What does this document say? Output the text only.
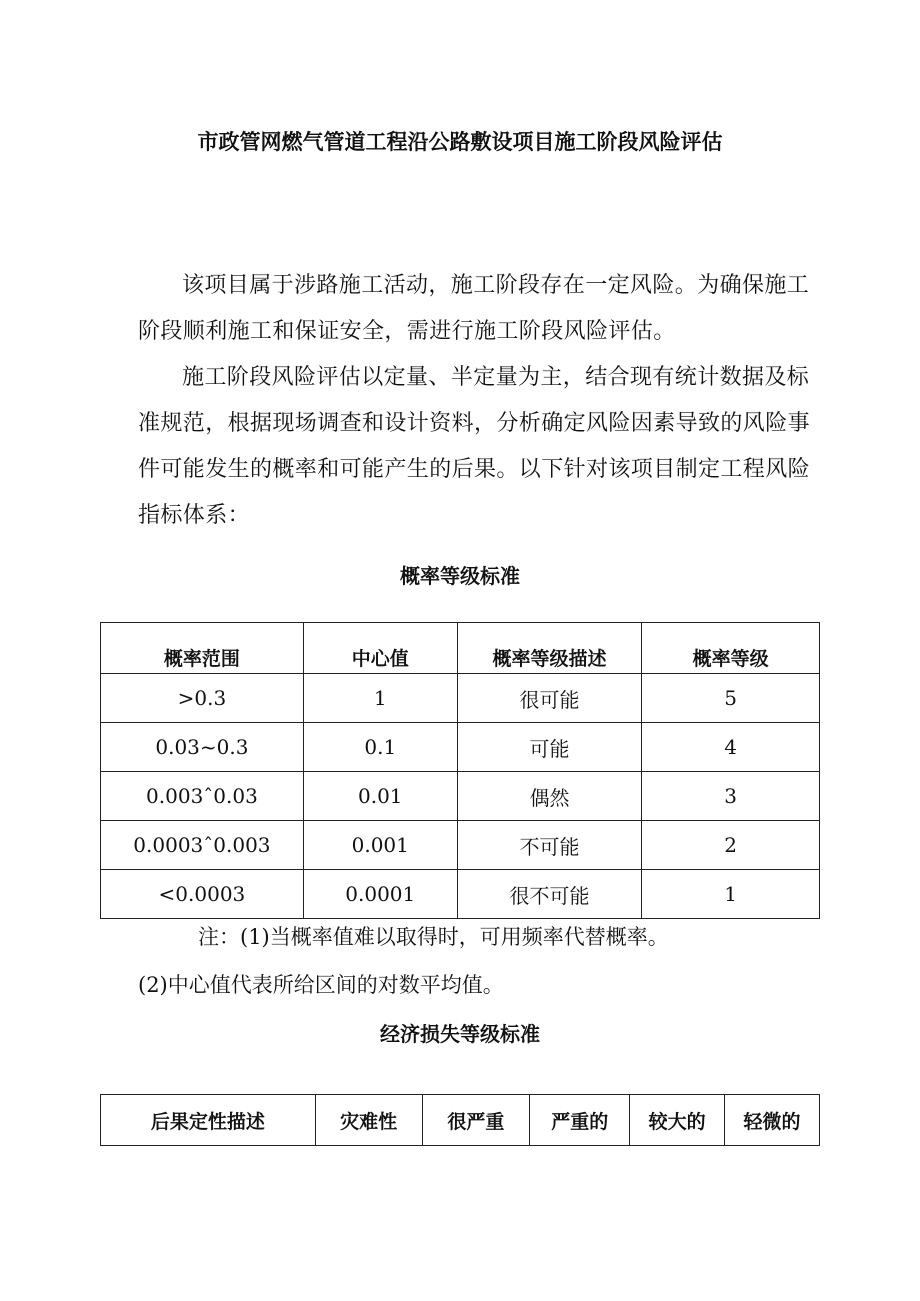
市政管网燃气管道工程沿公路敷设项目施工阶段风险评估

该项目属于涉路施工活动，施工阶段存在一定风险。为确保施工阶段顺利施工和保证安全，需进行施工阶段风险评估。

施工阶段风险评估以定量、半定量为主，结合现有统计数据及标准规范，根据现场调查和设计资料，分析确定风险因素导致的风险事件可能发生的概率和可能产生的后果。以下针对该项目制定工程风险指标体系：

概率等级标准

概率范围	中心值	概率等级描述	概率等级
>0.3	1	很可能	5
0.03~0.3	0.1	可能	4
0.003ˆ0.03	0.01	偶然	3
0.0003ˆ0.003	0.001	不可能	2
<0.0003	0.0001	很不可能	1

注：(1)当概率值难以取得时，可用频率代替概率。

(2)中心值代表所给区间的对数平均值。

经济损失等级标准

后果定性描述	灾难性	很严重	严重的	较大的	轻微的
